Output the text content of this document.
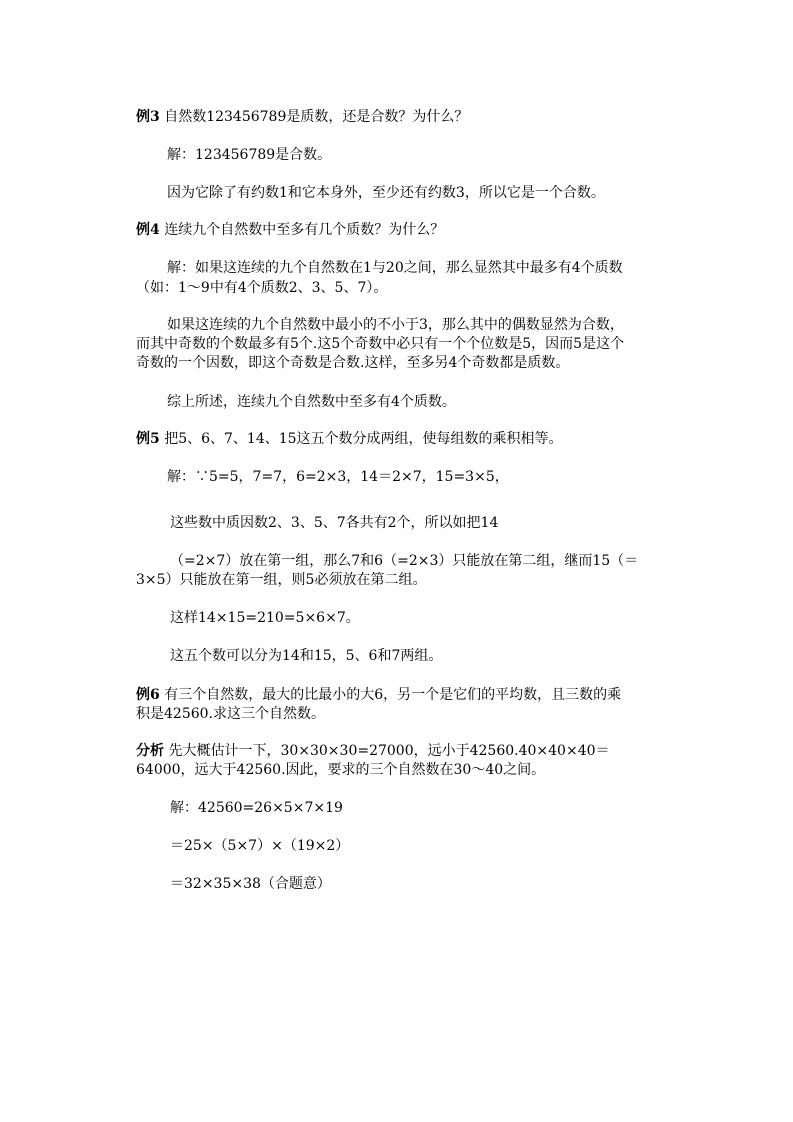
例3 自然数123456789是质数，还是合数？为什么？
解：123456789是合数。
因为它除了有约数1和它本身外，至少还有约数3，所以它是一个合数。
例4 连续九个自然数中至多有几个质数？为什么？
解：如果这连续的九个自然数在1与20之间，那么显然其中最多有4个质数
（如：1～9中有4个质数2、3、5、7）。
如果这连续的九个自然数中最小的不小于3，那么其中的偶数显然为合数，
而其中奇数的个数最多有5个.这5个奇数中必只有一个个位数是5，因而5是这个
奇数的一个因数，即这个奇数是合数.这样，至多另4个奇数都是质数。
综上所述，连续九个自然数中至多有4个质数。
例5 把5、6、7、14、15这五个数分成两组，使每组数的乘积相等。
解：∵5=5，7=7，6=2×3，14＝2×7，15=3×5，
这些数中质因数2、3、5、7各共有2个，所以如把14
（=2×7）放在第一组，那么7和6（=2×3）只能放在第二组，继而15（＝
3×5）只能放在第一组，则5必须放在第二组。
这样14×15=210=5×6×7。
这五个数可以分为14和15，5、6和7两组。
例6 有三个自然数，最大的比最小的大6，另一个是它们的平均数，且三数的乘
积是42560.求这三个自然数。
分析 先大概估计一下，30×30×30=27000，远小于42560.40×40×40＝
64000，远大于42560.因此，要求的三个自然数在30～40之间。
解：42560=26×5×7×19
＝25×（5×7）×（19×2）
＝32×35×38（合题意）
